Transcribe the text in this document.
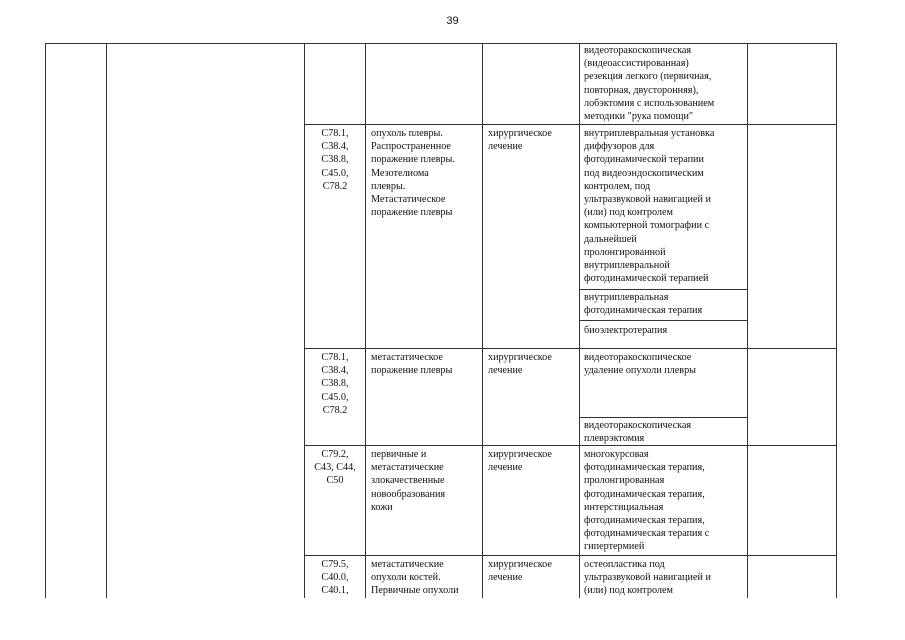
39

видеоторакоскопическая
(видеоассистированная)
резекция легкого (первичная,
повторная, двусторонняя),
лобэктомия с использованием
методики "рука помощи"

C78.1,
C38.4,
C38.8,
C45.0,
C78.2

опухоль плевры.
Распространенное
поражение плевры.
Мезотелиома
плевры.
Метастатическое
поражение плевры

хирургическое
лечение

внутриплевральная установка
диффузоров для
фотодинамической терапии
под видеоэндоскопическим
контролем, под
ультразвуковой навигацией и
(или) под контролем
компьютерной томографии с
дальнейшей
пролонгированной
внутриплевральной
фотодинамической терапией

внутриплевральная
фотодинамическая терапия

биоэлектротерапия

C78.1,
C38.4,
C38.8,
C45.0,
C78.2

метастатическое
поражение плевры

хирургическое
лечение

видеоторакоскопическое
удаление опухоли плевры

видеоторакоскопическая
плеврэктомия

C79.2,
C43, C44,
C50

первичные и
метастатические
злокачественные
новообразования
кожи

хирургическое
лечение

многокурсовая
фотодинамическая терапия,
пролонгированная
фотодинамическая терапия,
интерстициальная
фотодинамическая терапия,
фотодинамическая терапия с
гипертермией

C79.5,
C40.0,
C40.1,

метастатические
опухоли костей.
Первичные опухоли

хирургическое
лечение

остеопластика под
ультразвуковой навигацией и
(или) под контролем
